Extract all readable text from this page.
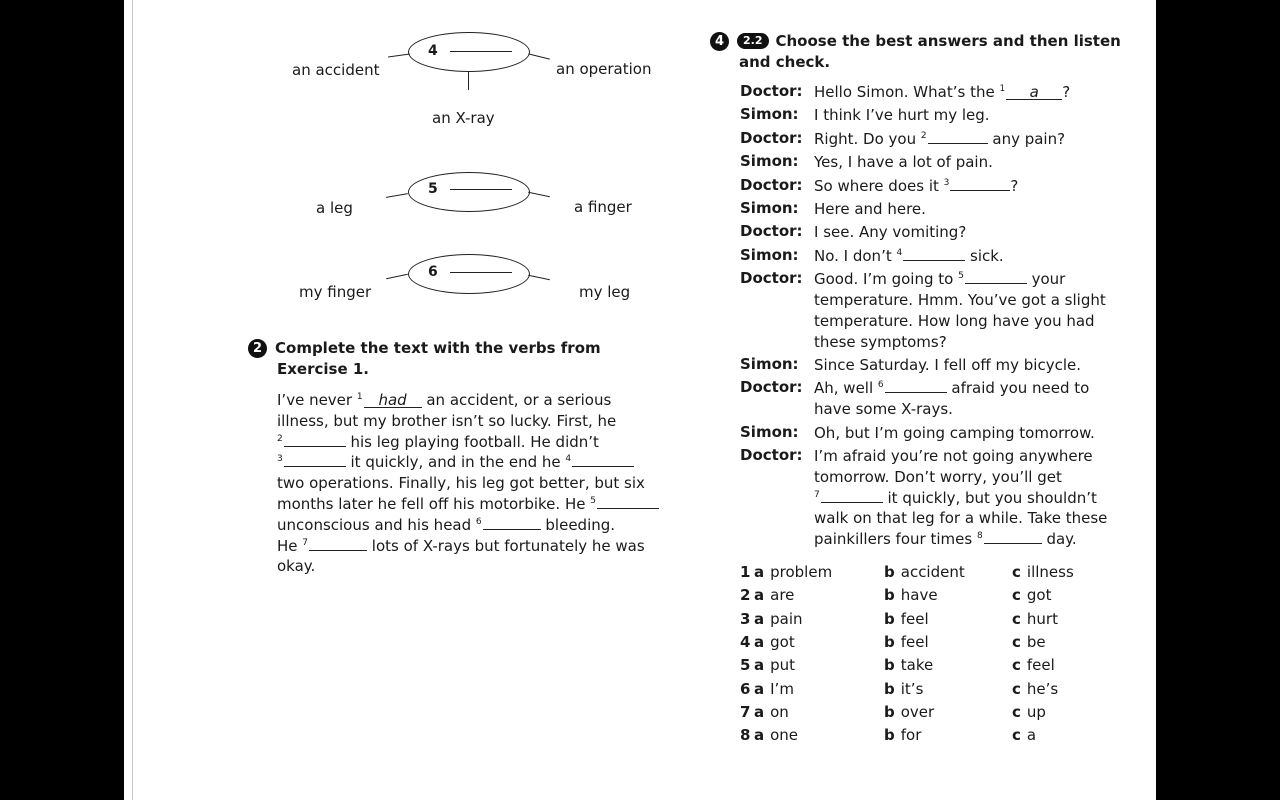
an accident
4
an operation
an X-ray
a leg
5
a finger
my finger
6
my leg
2 Complete the text with the verbs from
Exercise 1.
I’ve never $^1$ had an accident, or a serious
illness, but my brother isn’t so lucky. First, he
$^2$	his leg playing football. He didn’t
$^3$	it quickly, and in the end he $^4$
two operations. Finally, his leg got better, but six
months later he fell off his motorbike. He $^5$
unconscious and his head $^6$	bleeding.
He $^7$	lots of X-rays but fortunately he was
okay.
4 2.2 Choose the best answers and then listen
and check.
Doctor: Hello Simon. What’s the $^1$ a ?
Simon: I think I’ve hurt my leg.
Doctor: Right. Do you $^2$	any pain?
Simon: Yes, I have a lot of pain.
Doctor: So where does it $^3$	?
Simon: Here and here.
Doctor: I see. Any vomiting?
Simon: No. I don’t $^4$	sick.
Doctor: Good. I’m going to $^5$	your
temperature. Hmm. You’ve got a slight
temperature. How long have you had
these symptoms?
Simon: Since Saturday. I fell off my bicycle.
Doctor: Ah, well $^6$	afraid you need to
have some X-rays.
Simon: Oh, but I’m going camping tomorrow.
Doctor: I’m afraid you’re not going anywhere
tomorrow. Don’t worry, you’ll get
$^7$	it quickly, but you shouldn’t
walk on that leg for a while. Take these
painkillers four times $^8$	day.
1 a problem	b accident	c illness
2 a are	b have	c got
3 a pain	b feel	c hurt
4 a got	b feel	c be
5 a put	b take	c feel
6 a I’m	b it’s	c he’s
7 a on	b over	c up
8 a one	b for	c a
